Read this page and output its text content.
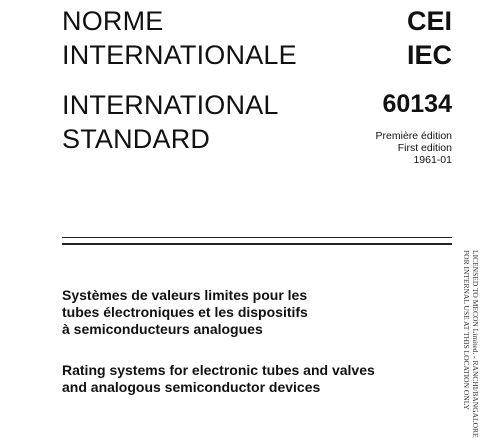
NORME
INTERNATIONALE
INTERNATIONAL
STANDARD
CEI
IEC
60134
Première édition
First edition
1961-01
Systèmes de valeurs limites pour les
tubes électroniques et les dispositifs
à semiconducteurs analogues
Rating systems for electronic tubes and valves
and analogous semiconductor devices	LICENSED TO MECON Limited. - RANCHI/BANGALORE
FOR INTERNAL USE AT THIS LOCATION ONLY
